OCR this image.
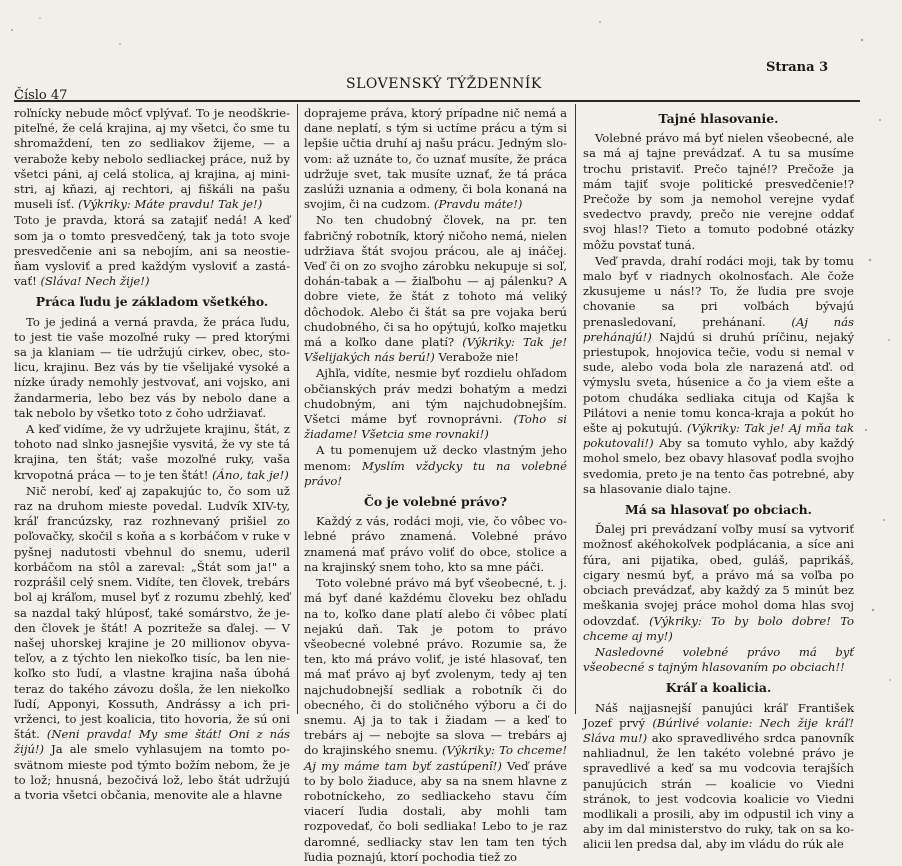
Strana 3
SLOVENSKÝ TÝŽDENNÍK
Číslo 47

roľnícky nebude môcť vplývať. To je neodškriepiteľné, že celá krajina, aj my všetci, čo sme tu shromaždení, ten zo sedliakov žijeme, — a verabože keby nebolo sedliackej práce, nuž by všetci páni, aj celá stolica, aj krajina, aj ministri, aj kňazi, aj rechtori, aj fiškáli na pašu museli ísť. (Výkriky: Máte pravdu! Tak je!)

Toto je pravda, ktorá sa zatajiť nedá! A keď som ja o tomto presvedčený, tak ja toto svoje presvedčenie ani sa nebojím, ani sa neostieňam vysloviť a pred každým vysloviť a zastávať! (Sláva! Nech žije!)

Práca ľudu je základom všetkého.

To je jediná a verná pravda, že práca ľudu, to jest tie vaše mozoľné ruky — pred ktorými sa ja klaniam — tie udržujú cirkev, obec, stolicu, krajinu. Bez vás by tie všelijaké vysoké a nízke úrady nemohly jestvovať, ani vojsko, ani žandarmeria, lebo bez vás by nebolo dane a tak nebolo by všetko toto z čoho udržiavať.

A keď vidíme, že vy udržujete krajinu, štát, z tohoto nad slnko jasnejšie vysvitá, že vy ste tá krajina, ten štát; vaše mozoľné ruky, vaša krvopotná práca — to je ten štát! (Áno, tak je!)

Nič nerobí, keď aj zapakujúc to, čo som už raz na druhom mieste povedal. Ludvík XIV-ty, kráľ francúzsky, raz rozhnevaný prišiel zo poľovačky, skočil s koňa a s korbáčom v ruke v pyšnej nadutosti vbehnul do snemu, uderil korbáčom na stôl a zareval: „Štát som ja!" a rozprášil celý snem. Vidíte, ten človek, trebárs bol aj kráľom, musel byť z rozumu zbehlý, keď sa nazdal taký hlúposť, také somárstvo, že jeden človek je štát! A pozriteže sa ďalej. — V našej uhorskej krajine je 20 millionov obyvateľov, a z týchto len niekoľko tisíc, ba len niekoľko sto ľudí, a vlastne krajina naša úbohá teraz do takého závozu došla, že len niekoľko ľudí, Apponyi, Kossuth, Andrássy a ich privrženci, to jest koalicia, tito hovoria, že sú oni štát. (Neni pravda! My sme štát! Oni z nás žijú!) Ja ale smelo vyhlasujem na tomto posvätnom mieste pod týmto božím nebom, že je to lož; hnusná, bezočivá lož, lebo štát udržujú a tvoria všetci občania, menovite ale a hlavne

doprajeme práva, ktorý prípadne nič nemá a dane neplatí, s tým si uctíme prácu a tým si lepšie učtia druhí aj našu prácu. Jedným slovom: až uznáte to, čo uznať musíte, že práca udržuje svet, tak musíte uznať, že tá práca zaslúži uznania a odmeny, či bola konaná na svojim, či na cudzom. (Pravdu máte!)

No ten chudobný človek, na pr. ten fabričný robotník, ktorý ničoho nemá, nielen udržiava štát svojou prácou, ale aj ináčej. Veď či on zo svojho zárobku nekupuje si soľ, dohán-tabak a — žiaľbohu — aj pálenku? A dobre viete, že štát z tohoto má veliký dôchodok. Alebo či štát sa pre vojaka berú chudobného, či sa ho opýtujú, koľko majetku má a koľko dane platí? (Výkriky: Tak je! Všelijakých nás berú!) Verabože nie!

Ajhľa, vidíte, nesmie byť rozdielu ohľadom občianských práv medzi bohatým a medzi chudobným, ani tým najchudobnejším. Všetci máme byť rovnoprávni. (Toho si žiadame! Všetcia sme rovnaki!)

A tu pomenujem už decko vlastným jeho menom: Myslím vždycky tu na volebné právo!

Čo je volebné právo?

Každý z vás, rodáci moji, vie, čo vôbec volebné právo znamená. Volebné právo znamená mať právo voliť do obce, stolice a na krajinský snem toho, kto sa mne páči.

Toto volebné právo má byť všeobecné, t. j. má byť dané každému človeku bez ohľadu na to, koľko dane platí alebo či vôbec platí nejakú daň. Tak je potom to právo všeobecné volebné právo. Rozumie sa, že ten, kto má právo voliť, je isté hlasovať, ten má mať právo aj byť zvolenym, tedy aj ten najchudobnejší sedliak a robotník či do obecného, či do stoličného výboru a či do snemu. Aj ja to tak i žiadam — a keď to trebárs aj — nebojte sa slova — trebárs aj do krajinského snemu. (Výkriky: To chceme! Aj my máme tam byť zastúpenî!) Veď práve to by bolo žiaduce, aby sa na snem hlavne z robotníckeho, zo sedliackeho stavu čím viacerí ľudia dostali, aby mohli tam rozpovedať, čo boli sedliaka! Lebo to je raz daromné, sedliacky stav len tam ten tých ľudia poznajú, ktorí pochodia tiež zo

Tajné hlasovanie.

Volebné právo má byť nielen všeobecné, ale sa má aj tajne prevádzať. A tu sa musíme trochu pristaviť. Prečo tajné!? Prečože ja mám tajiť svoje politické presvedčenie!? Prečože by som ja nemohol verejne vydať svedectvo pravdy, prečo nie verejne oddať svoj hlas!? Tieto a tomuto podobné otázky môžu povstať tuná.

Veď pravda, drahí rodáci moji, tak by tomu malo byť v riadnych okolnosťach. Ale čože zkusujeme u nás!? To, že ľudia pre svoje chovanie sa pri voľbách bývajú prenasledovaní, prehánaní. (Aj nás prehánajú!) Najdú si druhú príčinu, nejaký priestupok, hnojovica tečie, vodu si nemal v sude, alebo voda bola zle narazená atď. od výmyslu sveta, húsenice a čo ja viem ešte a potom chudáka sedliaka cituja od Kajša k Pilátovi a nenie tomu konca-kraja a pokút ho ešte aj pokutujú. (Výkriky: Tak je! Aj mňa tak pokutovali!) Aby sa tomuto vyhlo, aby každý mohol smelo, bez obavy hlasovať podla svojho svedomia, preto je na tento čas potrebné, aby sa hlasovanie dialo tajne.

Má sa hlasovať po obciach.

Ďalej pri prevádzaní voľby musí sa vytvoriť možnosť akéhokoľvek podplácania, a síce ani fúra, ani pijatika, obed, guláš, paprikáš, cigary nesmú byť, a právo má sa voľba po obciach prevádzať, aby každý za 5 minút bez meškania svojej práce mohol doma hlas svoj odovzdať. (Výkriky: To by bolo dobre! To chceme aj my!)

Nasledovné volebné právo má byť všeobecné s tajným hlasovaním po obciach!!

Kráľ a koalicia.

Náš najjasnejší panujúci kráľ František Jozef prvý (Búrlivé volanie: Nech žije kráľ! Sláva mu!) ako spravedlivého srdca panovník nahliadnul, že len takéto volebné právo je spravedlivé a keď sa mu vodcovia terajších panujúcich strán — koalicie vo Viedni stránok, to jest vodcovia koalicie vo Viedni modlikali a prosili, aby im odpustil ich viny a aby im dal ministerstvo do ruky, tak on sa koalicii len predsa dal, aby im vládu do rúk ale
